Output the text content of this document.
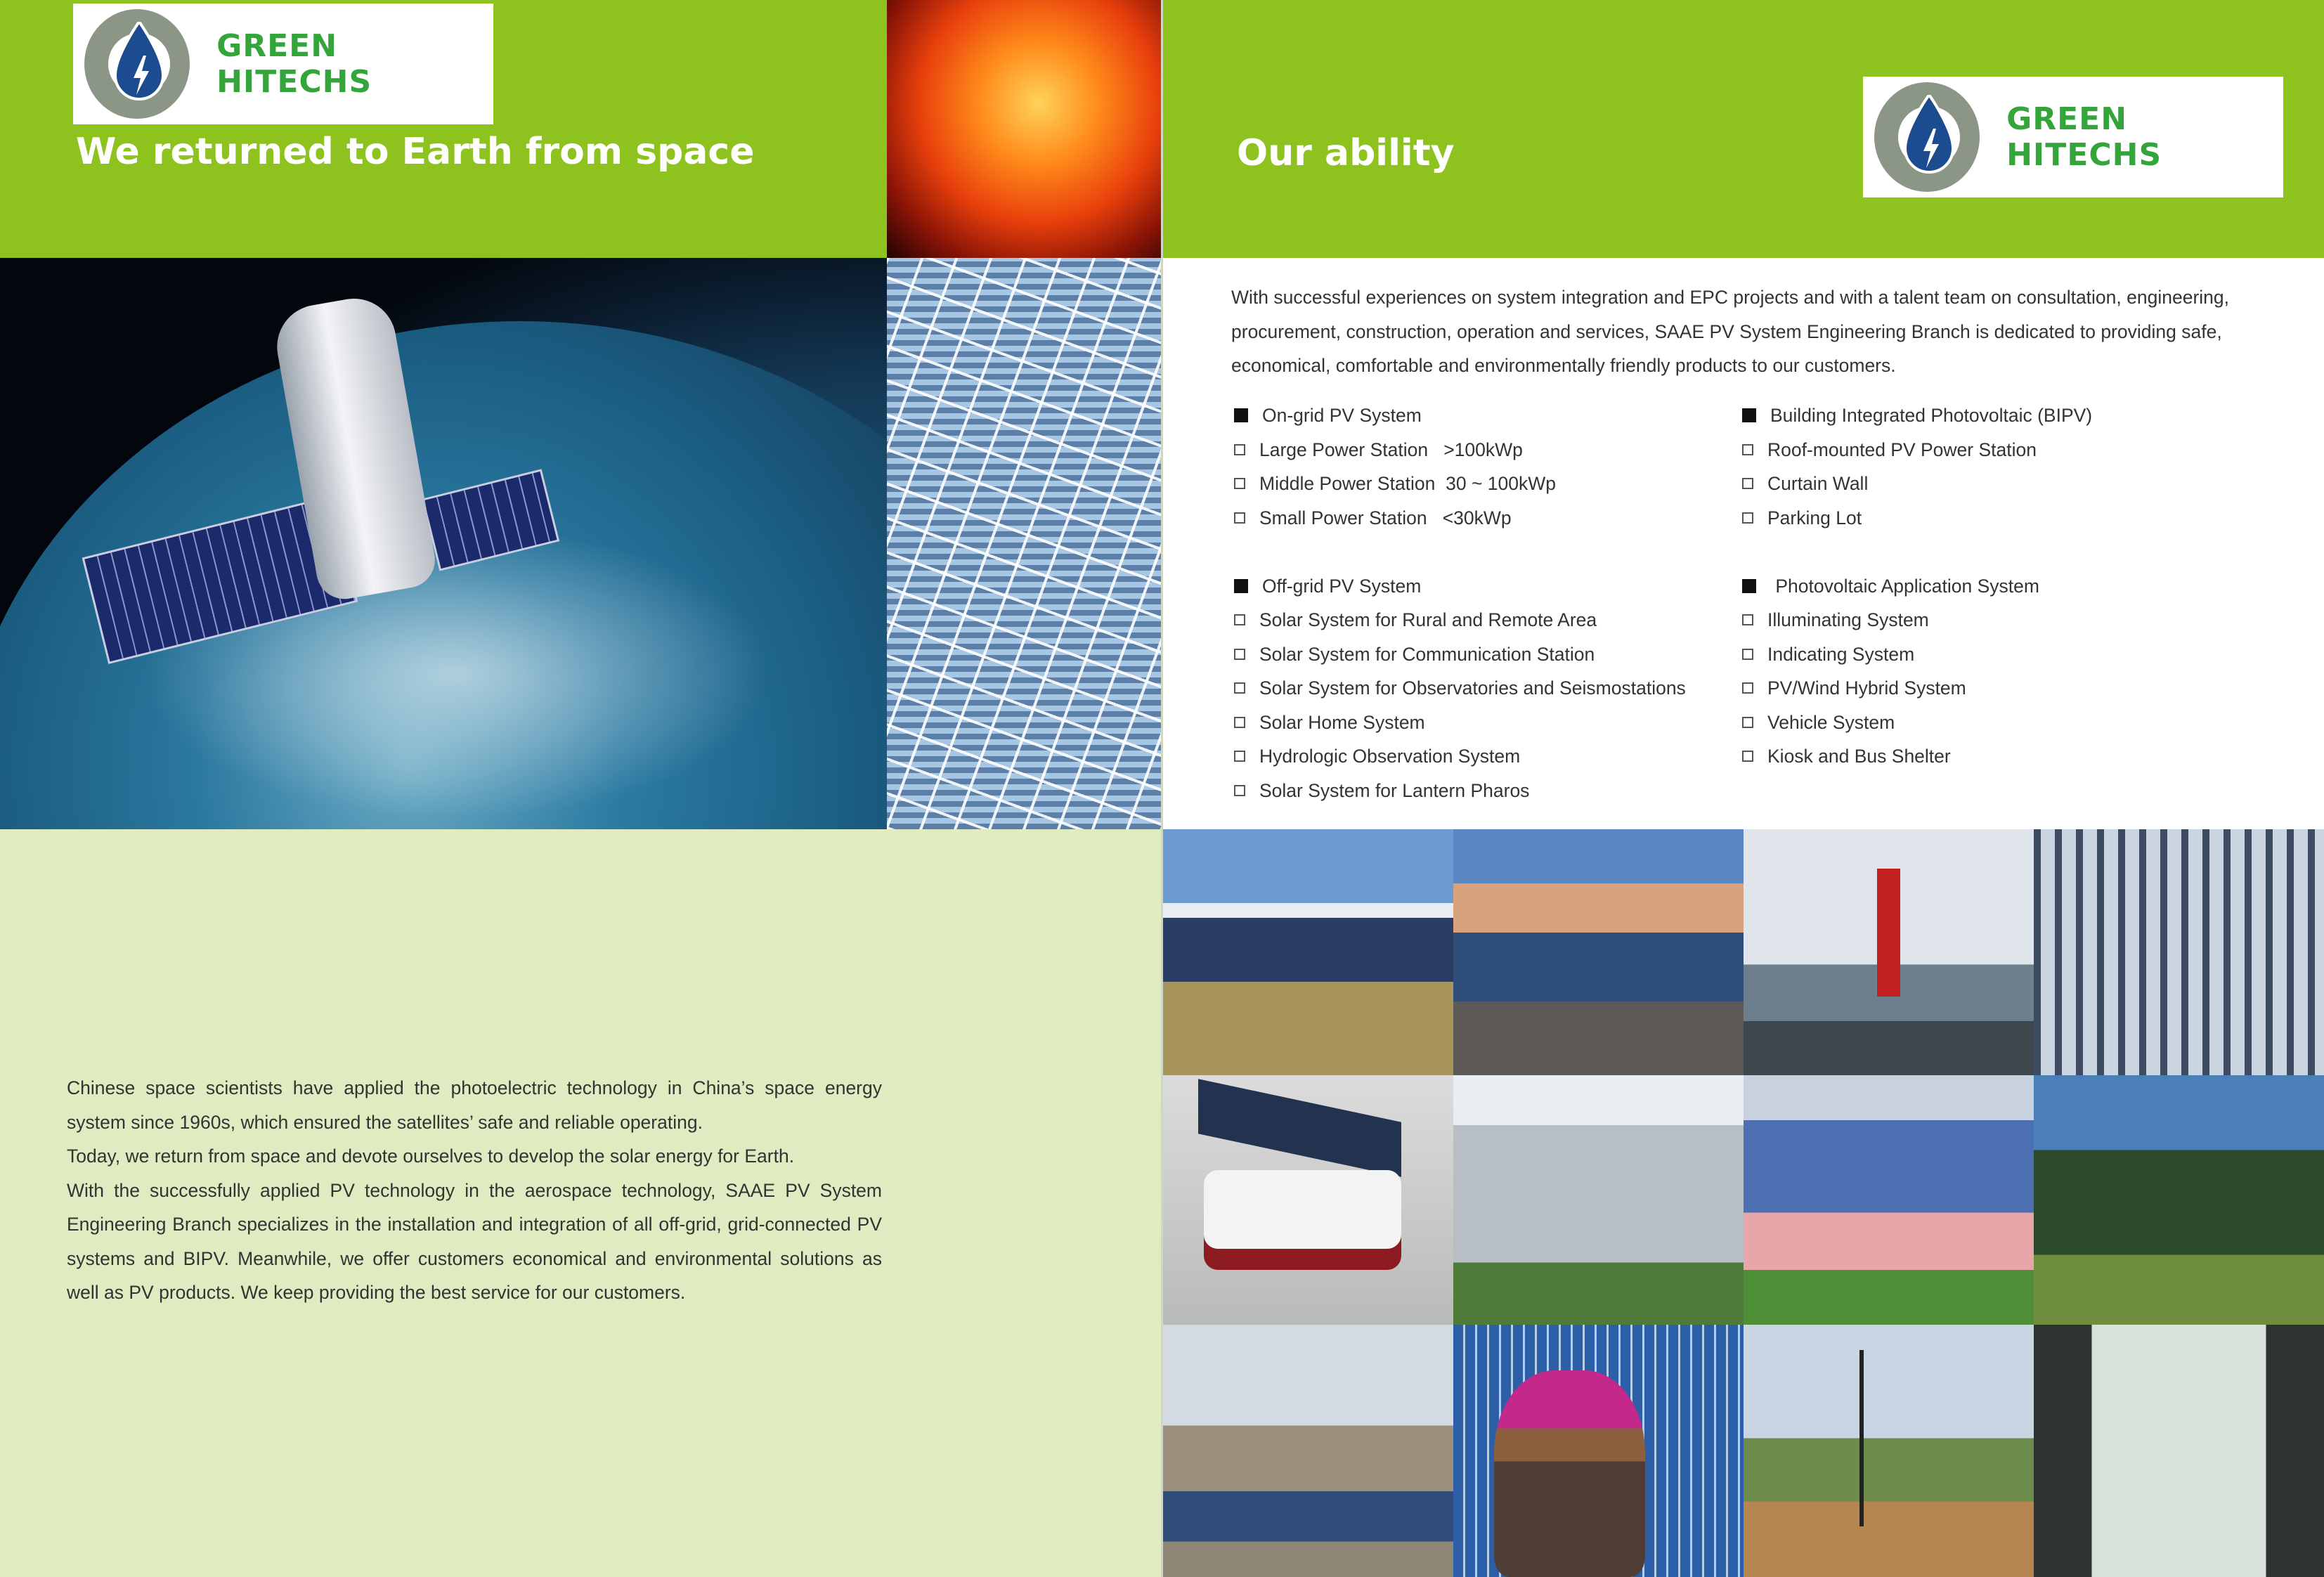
GREEN HITECHS
We returned to Earth from space	Our ability
GREEN HITECHS
With successful experiences on system integration and EPC projects and with a talent team on consultation, engineering, procurement, construction, operation and services, SAAE PV System Engineering Branch is dedicated to providing safe, economical, comfortable and environmentally friendly products to our customers.
On-grid PV System
Large Power Station   >100kWp
Middle Power Station  30 ~ 100kWp
Small Power Station   <30kWp
Off-grid PV System
Solar System for Rural and Remote Area
Solar System for Communication Station
Solar System for Observatories and Seismostations
Solar Home System
Hydrologic Observation System
Solar System for Lantern Pharos
Building Integrated Photovoltaic (BIPV)
Roof-mounted PV Power Station
Curtain Wall
Parking Lot
Photovoltaic Application System
Illuminating System
Indicating System
PV/Wind Hybrid System
Vehicle System
Kiosk and Bus Shelter

Chinese space scientists have applied the photoelectric technology in China’s space energy system since 1960s, which ensured the satellites’ safe and reliable operating.

Today, we return from space and devote ourselves to develop the solar energy for Earth.

With the successfully applied PV technology in the aerospace technology, SAAE PV System Engineering Branch specializes in the installation and integration of all off-grid, grid-connected PV systems and BIPV. Meanwhile, we offer customers economical and environmental solutions as well as PV products. We keep providing the best service for our customers.
